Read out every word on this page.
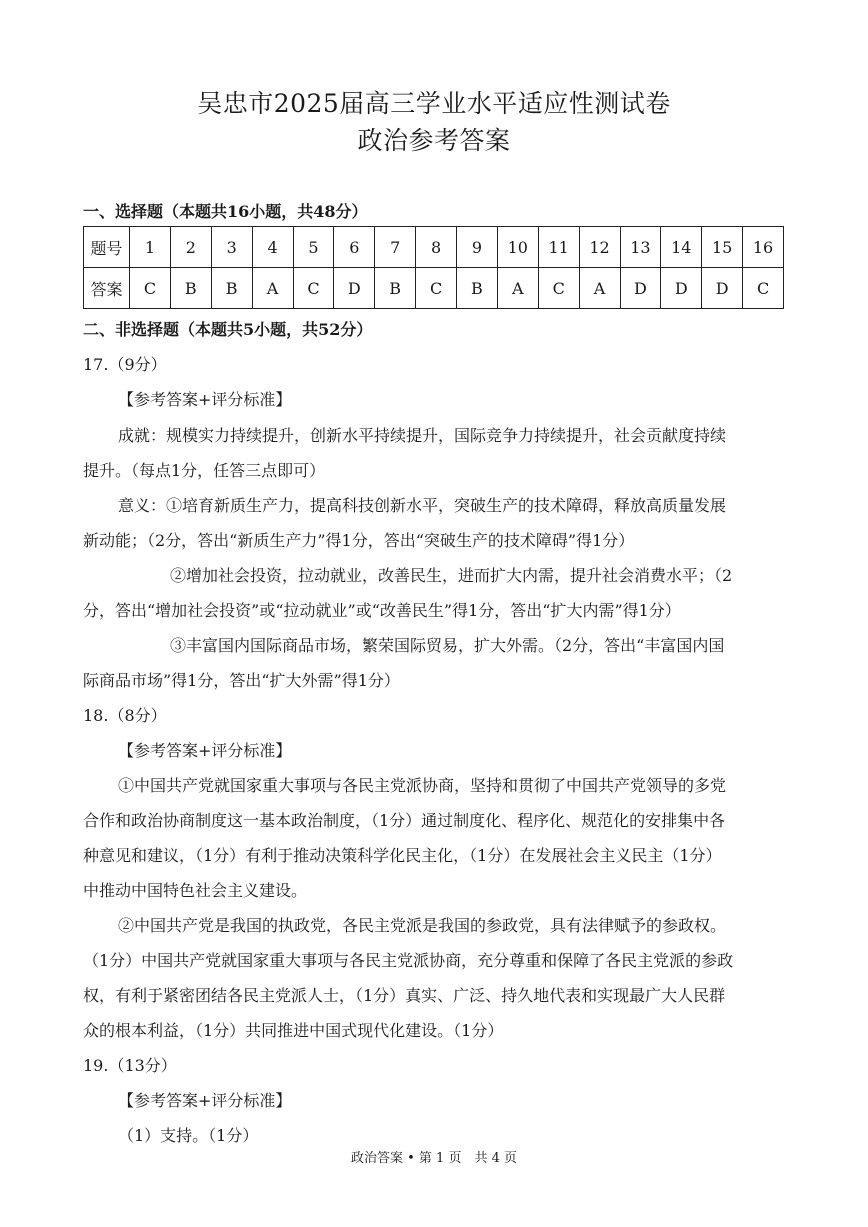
吴忠市2025届高三学业水平适应性测试卷
政治参考答案
一、选择题（本题共16小题，共48分）
题号	1	2	3	4	5	6	7	8	9	10	11	12	13	14	15	16
答案	C	B	B	A	C	D	B	C	B	A	C	A	D	D	D	C
二、非选择题（本题共5小题，共52分）
17.（9分）
【参考答案+评分标准】
成就：规模实力持续提升，创新水平持续提升，国际竞争力持续提升，社会贡献度持续
提升。（每点1分，任答三点即可）
意义：①培育新质生产力，提高科技创新水平，突破生产的技术障碍，释放高质量发展
新动能；（2分，答出“新质生产力”得1分，答出“突破生产的技术障碍”得1分）
②增加社会投资，拉动就业，改善民生，进而扩大内需，提升社会消费水平；（2
分，答出“增加社会投资”或“拉动就业”或“改善民生”得1分，答出“扩大内需”得1分）
③丰富国内国际商品市场，繁荣国际贸易，扩大外需。（2分，答出“丰富国内国
际商品市场”得1分，答出“扩大外需”得1分）
18.（8分）
【参考答案+评分标准】
①中国共产党就国家重大事项与各民主党派协商，坚持和贯彻了中国共产党领导的多党
合作和政治协商制度这一基本政治制度，（1分）通过制度化、程序化、规范化的安排集中各
种意见和建议，（1分）有利于推动决策科学化民主化，（1分）在发展社会主义民主（1分）
中推动中国特色社会主义建设。
②中国共产党是我国的执政党，各民主党派是我国的参政党，具有法律赋予的参政权。
（1分）中国共产党就国家重大事项与各民主党派协商，充分尊重和保障了各民主党派的参政
权，有利于紧密团结各民主党派人士，（1分）真实、广泛、持久地代表和实现最广大人民群
众的根本利益，（1分）共同推进中国式现代化建设。（1分）
19.（13分）
【参考答案+评分标准】
（1）支持。（1分）
政治答案 • 第 1 页　共 4 页
